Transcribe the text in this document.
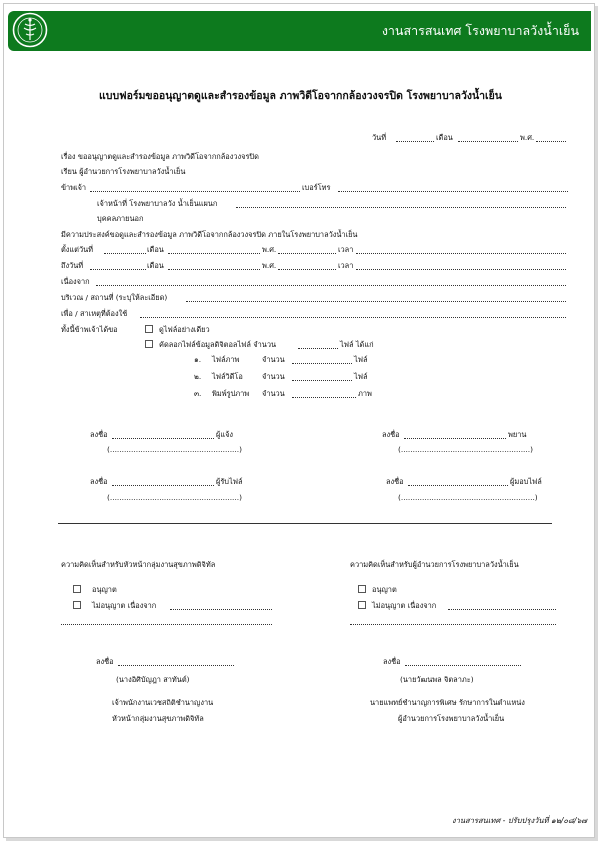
งานสารสนเทศ โรงพยาบาลวังน้ำเย็น
แบบฟอร์มขออนุญาตดูและสำรองข้อมูล ภาพวิดีโอจากกล้องวงจรปิด โรงพยาบาลวังน้ำเย็น
วันที่	เดือน	พ.ศ.
เรื่อง ขออนุญาตดูและสำรองข้อมูล ภาพวิดีโอจากกล้องวงจรปิด
เรียน ผู้อำนวยการโรงพยาบาลวังน้ำเย็น
ข้าพเจ้า	เบอร์โทร
เจ้าหน้าที่ โรงพยาบาลวัง น้ำเย็นแผนก
บุคคลภายนอก
มีความประสงค์ขอดูและสำรองข้อมูล ภาพวิดีโอจากกล้องวงจรปิด ภายในโรงพยาบาลวังน้ำเย็น
ตั้งแต่วันที่	เดือน	พ.ศ.	เวลา
ถึงวันที่	เดือน	พ.ศ.	เวลา
เนื่องจาก
บริเวณ / สถานที่ (ระบุให้ละเอียด)
เพื่อ / สาเหตุที่ต้องใช้
ทั้งนี้ข้าพเจ้าได้ขอ	ดูไฟล์อย่างเดียว
คัดลอกไฟล์ข้อมูลดิจิตอลไฟล์ จำนวน	ไฟล์ ได้แก่
๑. ไฟล์ภาพ	จำนวน	ไฟล์
๒. ไฟล์วิดีโอ	จำนวน	ไฟล์
๓. พิมพ์รูปภาพ จำนวน	ภาพ
ลงชื่อ	ผู้แจ้ง
(.......................................................)
ลงชื่อ	พยาน
(.......................................................)
ลงชื่อ	ผู้รับไฟล์
(.......................................................)
ลงชื่อ	ผู้มอบไฟล์
(.........................................................)
ความคิดเห็นสำหรับหัวหน้ากลุ่มงานสุขภาพดิจิทัล
อนุญาต
ไม่อนุญาต เนื่องจาก
ลงชื่อ
(นางอิศิบัญฎา สาทันต์)
เจ้าพนักงานเวชสถิติชำนาญงาน
หัวหน้ากลุ่มงานสุขภาพดิจิทัล
ความคิดเห็นสำหรับผู้อำนวยการโรงพยาบาลวังน้ำเย็น
อนุญาต
ไม่อนุญาต เนื่องจาก
ลงชื่อ
(นายวัฒนพล จิตลาภะ)
นายแพทย์ชำนาญการพิเศษ รักษาการในตำแหน่ง
ผู้อำนวยการโรงพยาบาลวังน้ำเย็น
งานสารสนเทศ - ปรับปรุงวันที่ ๑๒/๐๘/๖๗
